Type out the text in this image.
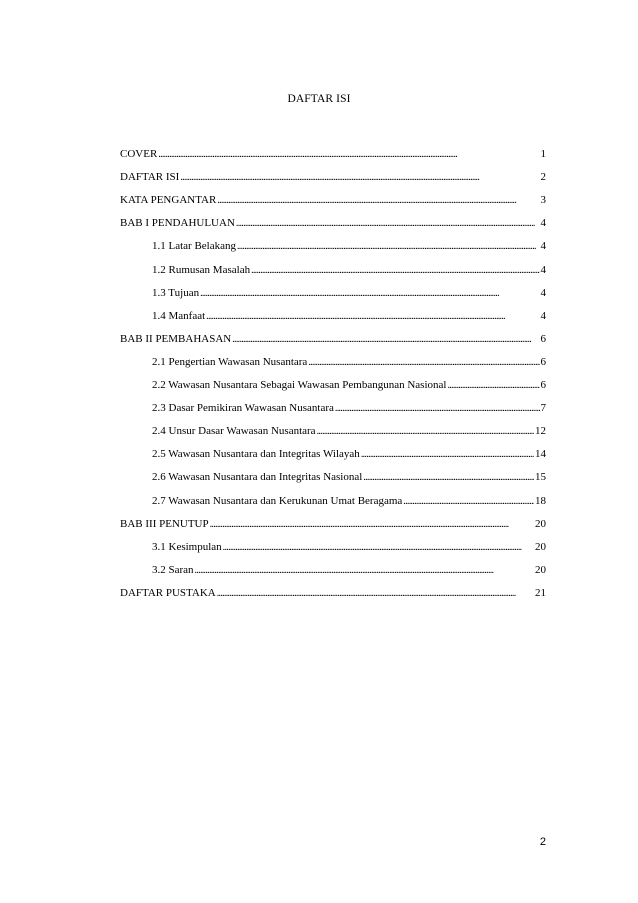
DAFTAR ISI
COVER . . .	1
DAFTAR ISI . . .	2
KATA PENGANTAR . . .	3
BAB I PENDAHULUAN . . .	4
1.1 Latar Belakang . . .	4
1.2 Rumusan Masalah . . .	4
1.3 Tujuan . . .	4
1.4 Manfaat . . .	4
BAB II PEMBAHASAN . . .	6
2.1 Pengertian Wawasan Nusantara . . .	6
2.2 Wawasan Nusantara Sebagai Wawasan Pembangunan Nasional . . .	6
2.3 Dasar Pemikiran Wawasan Nusantara . . .	7
2.4 Unsur Dasar Wawasan Nusantara . . .	12
2.5 Wawasan Nusantara dan Integritas Wilayah . . .	14
2.6 Wawasan Nusantara dan Integritas Nasional . . .	15
2.7 Wawasan Nusantara dan Kerukunan Umat Beragama . . .	18
BAB III PENUTUP . . .	20
3.1 Kesimpulan . . .	20
3.2 Saran . . .	20
DAFTAR PUSTAKA . . .	21
2
